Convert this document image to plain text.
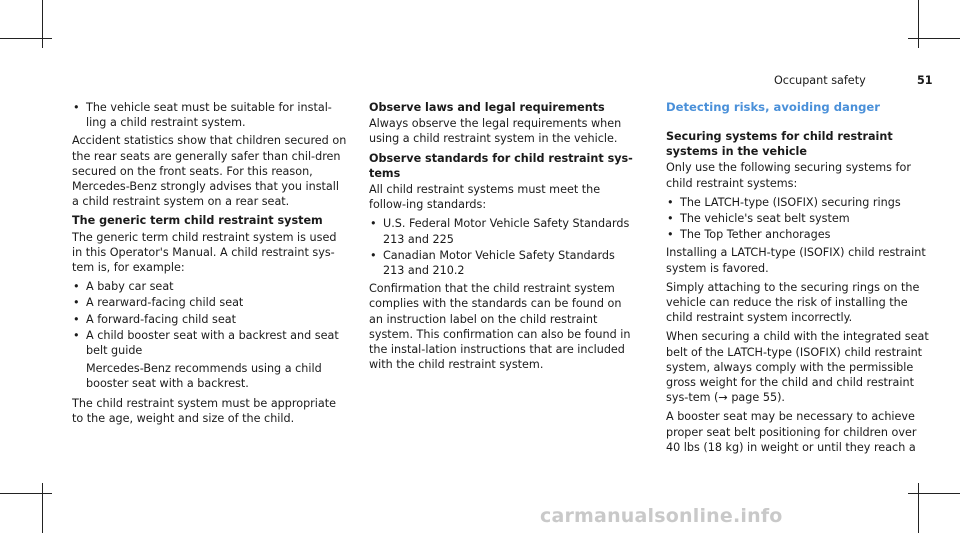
Occupant safety	51
• The vehicle seat must be suitable for instal-ling a child restraint system.

Accident statistics show that children secured on the rear seats are generally safer than chil-dren secured on the front seats. For this reason, Mercedes-Benz strongly advises that you install a child restraint system on a rear seat.

The generic term child restraint system

The generic term child restraint system is used in this Operator's Manual. A child restraint sys-tem is, for example:

• A baby car seat
• A rearward-facing child seat
• A forward-facing child seat
• A child booster seat with a backrest and seat belt guide

Mercedes-Benz recommends using a child booster seat with a backrest.

The child restraint system must be appropriate to the age, weight and size of the child.

Observe laws and legal requirements

Always observe the legal requirements when using a child restraint system in the vehicle.

Observe standards for child restraint sys-tems

All child restraint systems must meet the follow-ing standards:

• U.S. Federal Motor Vehicle Safety Standards 213 and 225
• Canadian Motor Vehicle Safety Standards 213 and 210.2

Confirmation that the child restraint system complies with the standards can be found on an instruction label on the child restraint system. This confirmation can also be found in the instal-lation instructions that are included with the child restraint system.

Detecting risks, avoiding danger
Securing systems for child restraint systems in the vehicle

Only use the following securing systems for child restraint systems:

• The LATCH-type (ISOFIX) securing rings
• The vehicle's seat belt system
• The Top Tether anchorages

Installing a LATCH-type (ISOFIX) child restraint system is favored.

Simply attaching to the securing rings on the vehicle can reduce the risk of installing the child restraint system incorrectly.

When securing a child with the integrated seat belt of the LATCH-type (ISOFIX) child restraint system, always comply with the permissible gross weight for the child and child restraint sys-tem (→ page 55).

A booster seat may be necessary to achieve proper seat belt positioning for children over 40 lbs (18 kg) in weight or until they reach a

carmanualsonline.info
